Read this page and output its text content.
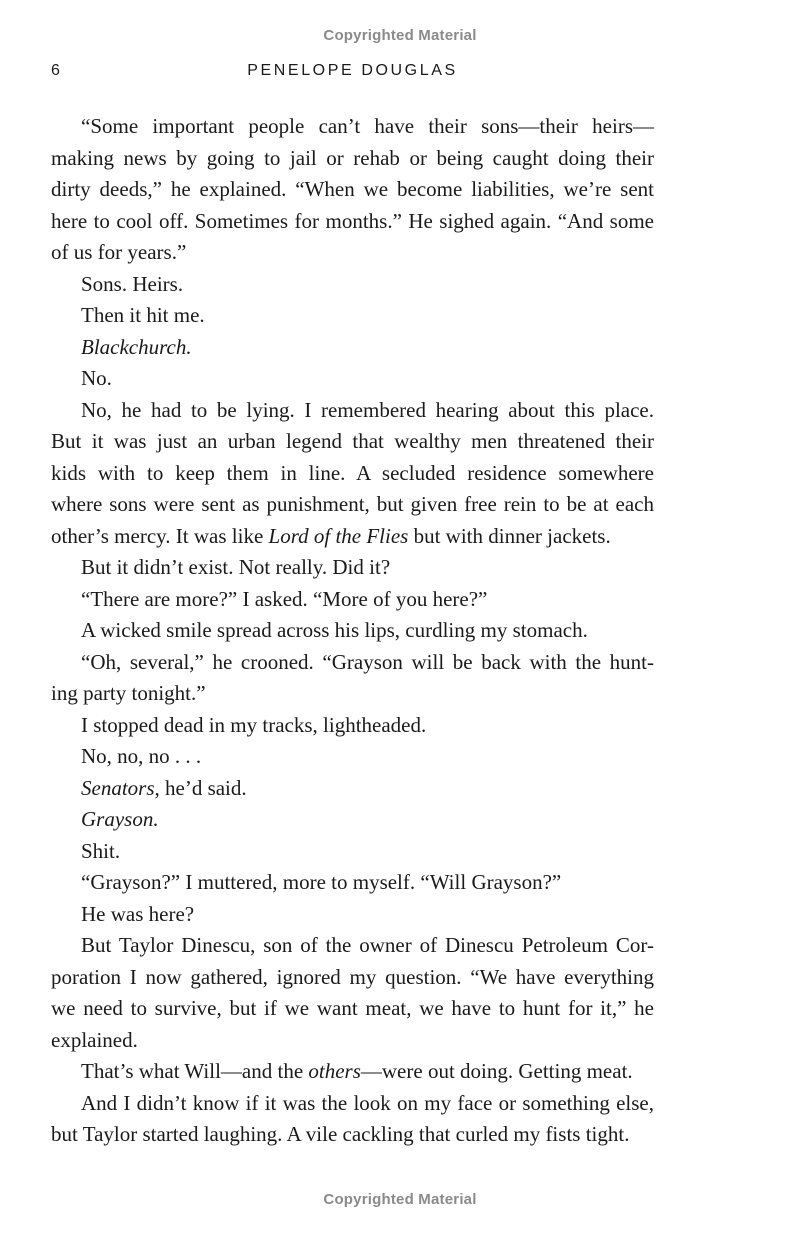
Copyrighted Material
6	PENELOPE DOUGLAS
“Some important people can’t have their sons—their heirs—
making news by going to jail or rehab or being caught doing their
dirty deeds,” he explained. “When we become liabilities, we’re sent
here to cool off. Sometimes for months.” He sighed again. “And some
of us for years.”
Sons. Heirs.
Then it hit me.
Blackchurch.
No.
No, he had to be lying. I remembered hearing about this place.
But it was just an urban legend that wealthy men threatened their
kids with to keep them in line. A secluded residence somewhere
where sons were sent as punishment, but given free rein to be at each
other’s mercy. It was like Lord of the Flies but with dinner jackets.
But it didn’t exist. Not really. Did it?
“There are more?” I asked. “More of you here?”
A wicked smile spread across his lips, curdling my stomach.
“Oh, several,” he crooned. “Grayson will be back with the hunt-
ing party tonight.”
I stopped dead in my tracks, lightheaded.
No, no, no . . .
Senators, he’d said.
Grayson.
Shit.
“Grayson?” I muttered, more to myself. “Will Grayson?”
He was here?
But Taylor Dinescu, son of the owner of Dinescu Petroleum Cor-
poration I now gathered, ignored my question. “We have everything
we need to survive, but if we want meat, we have to hunt for it,” he
explained.
That’s what Will—and the others—were out doing. Getting meat.
And I didn’t know if it was the look on my face or something else,
but Taylor started laughing. A vile cackling that curled my fists tight.
Copyrighted Material
